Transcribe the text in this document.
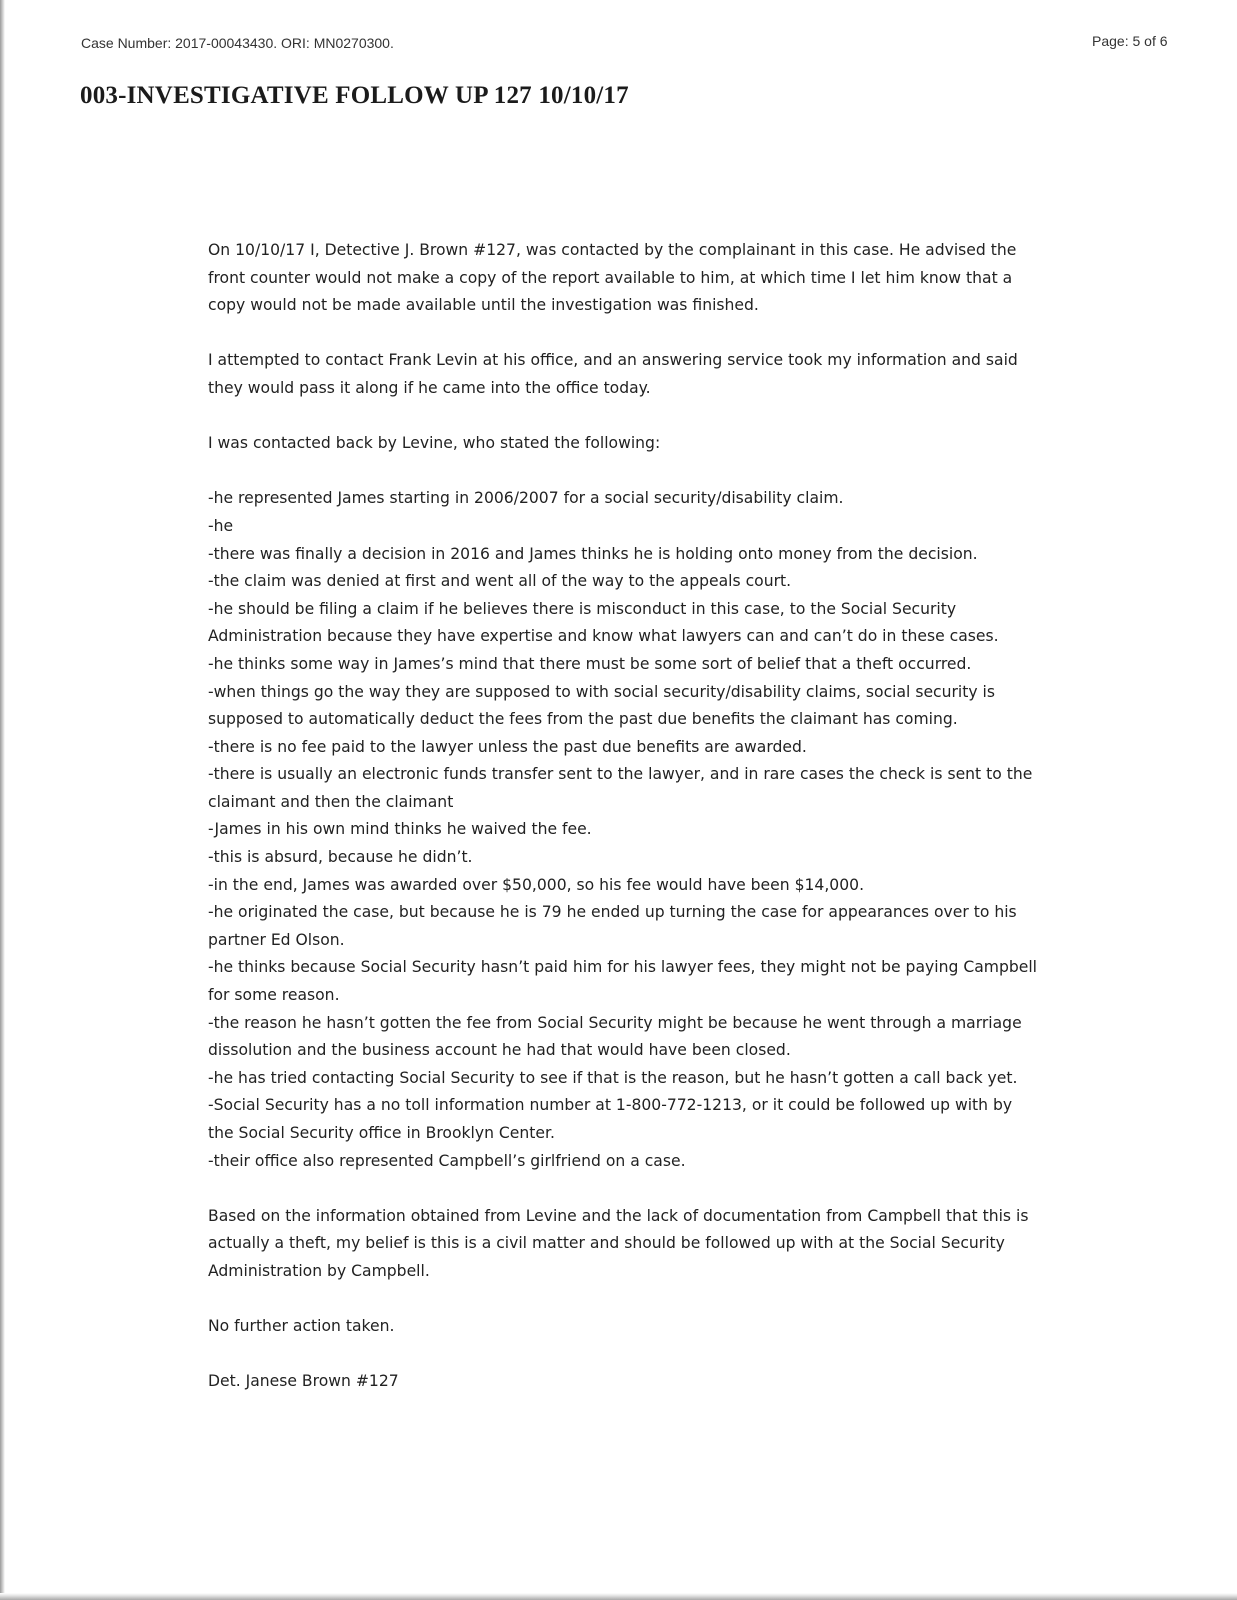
Case Number: 2017-00043430. ORI: MN0270300.	Page: 5 of 6
003-INVESTIGATIVE FOLLOW UP 127 10/10/17

On 10/10/17 I, Detective J. Brown #127, was contacted by the complainant in this case. He advised the front counter would not make a copy of the report available to him, at which time I let him know that a copy would not be made available until the investigation was finished.

I attempted to contact Frank Levin at his office, and an answering service took my information and said they would pass it along if he came into the office today.

I was contacted back by Levine, who stated the following:

-he represented James starting in 2006/2007 for a social security/disability claim.
-he
-there was finally a decision in 2016 and James thinks he is holding onto money from the decision.
-the claim was denied at first and went all of the way to the appeals court.
-he should be filing a claim if he believes there is misconduct in this case, to the Social Security Administration because they have expertise and know what lawyers can and can’t do in these cases.
-he thinks some way in James’s mind that there must be some sort of belief that a theft occurred.
-when things go the way they are supposed to with social security/disability claims, social security is supposed to automatically deduct the fees from the past due benefits the claimant has coming.
-there is no fee paid to the lawyer unless the past due benefits are awarded.
-there is usually an electronic funds transfer sent to the lawyer, and in rare cases the check is sent to the claimant and then the claimant
-James in his own mind thinks he waived the fee.
-this is absurd, because he didn’t.
-in the end, James was awarded over $50,000, so his fee would have been $14,000.
-he originated the case, but because he is 79 he ended up turning the case for appearances over to his partner Ed Olson.
-he thinks because Social Security hasn’t paid him for his lawyer fees, they might not be paying Campbell for some reason.
-the reason he hasn’t gotten the fee from Social Security might be because he went through a marriage dissolution and the business account he had that would have been closed.
-he has tried contacting Social Security to see if that is the reason, but he hasn’t gotten a call back yet.
-Social Security has a no toll information number at 1-800-772-1213, or it could be followed up with by the Social Security office in Brooklyn Center.
-their office also represented Campbell’s girlfriend on a case.

Based on the information obtained from Levine and the lack of documentation from Campbell that this is actually a theft, my belief is this is a civil matter and should be followed up with at the Social Security Administration by Campbell.

No further action taken.

Det. Janese Brown #127
